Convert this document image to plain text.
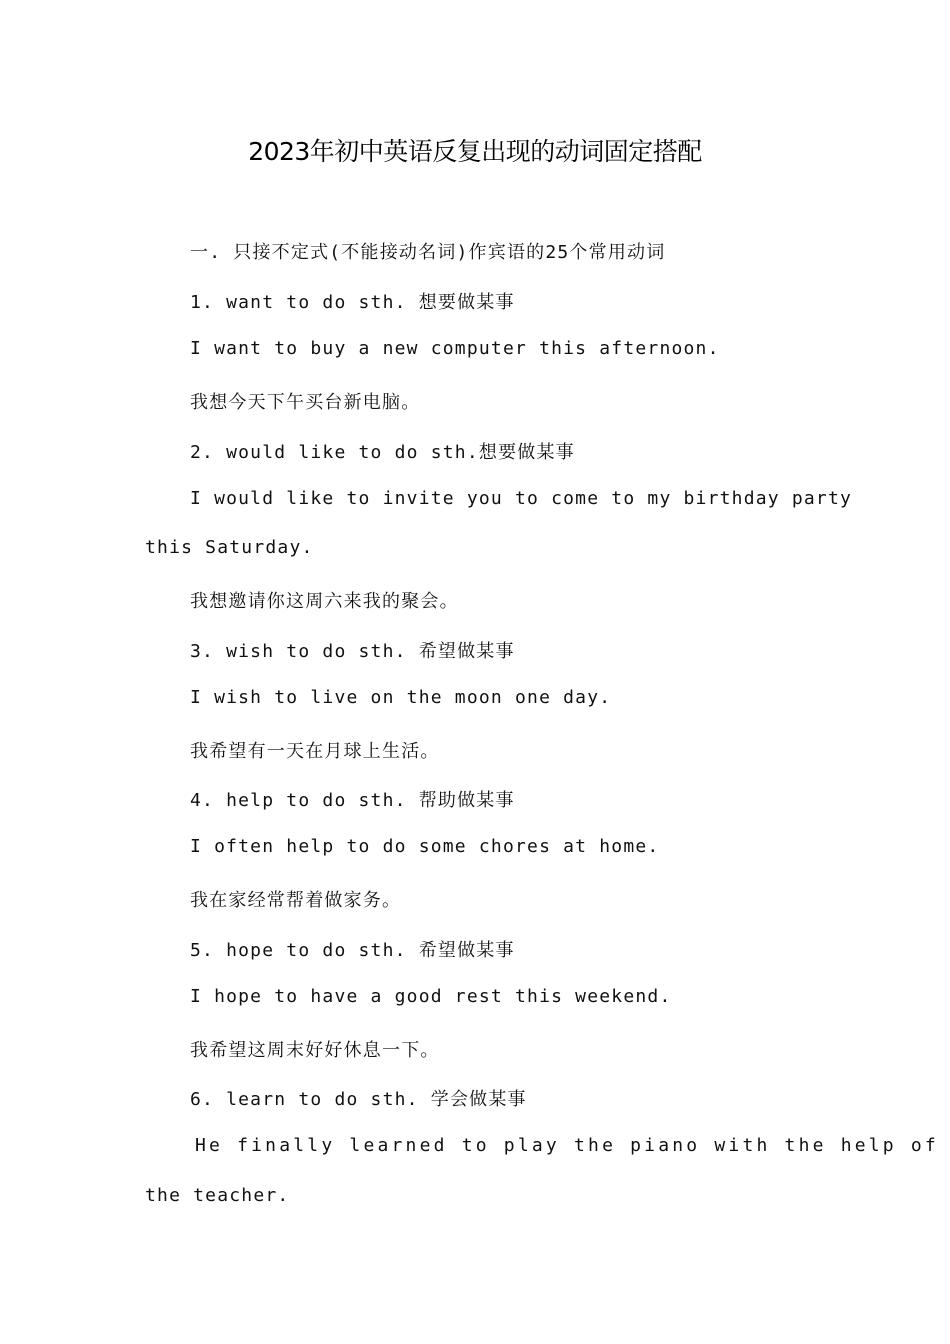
2023年初中英语反复出现的动词固定搭配
一. 只接不定式(不能接动名词)作宾语的25个常用动词
1. want to do sth. 想要做某事
I want to buy a new computer this afternoon.
我想今天下午买台新电脑。
2. would like to do sth.想要做某事
I would like to invite you to come to my birthday party
this Saturday.
我想邀请你这周六来我的聚会。
3. wish to do sth. 希望做某事
I wish to live on the moon one day.
我希望有一天在月球上生活。
4. help to do sth. 帮助做某事
I often help to do some chores at home.
我在家经常帮着做家务。
5. hope to do sth. 希望做某事
I hope to have a good rest this weekend.
我希望这周末好好休息一下。
6. learn to do sth. 学会做某事
He finally learned to play the piano with the help of
the teacher.
